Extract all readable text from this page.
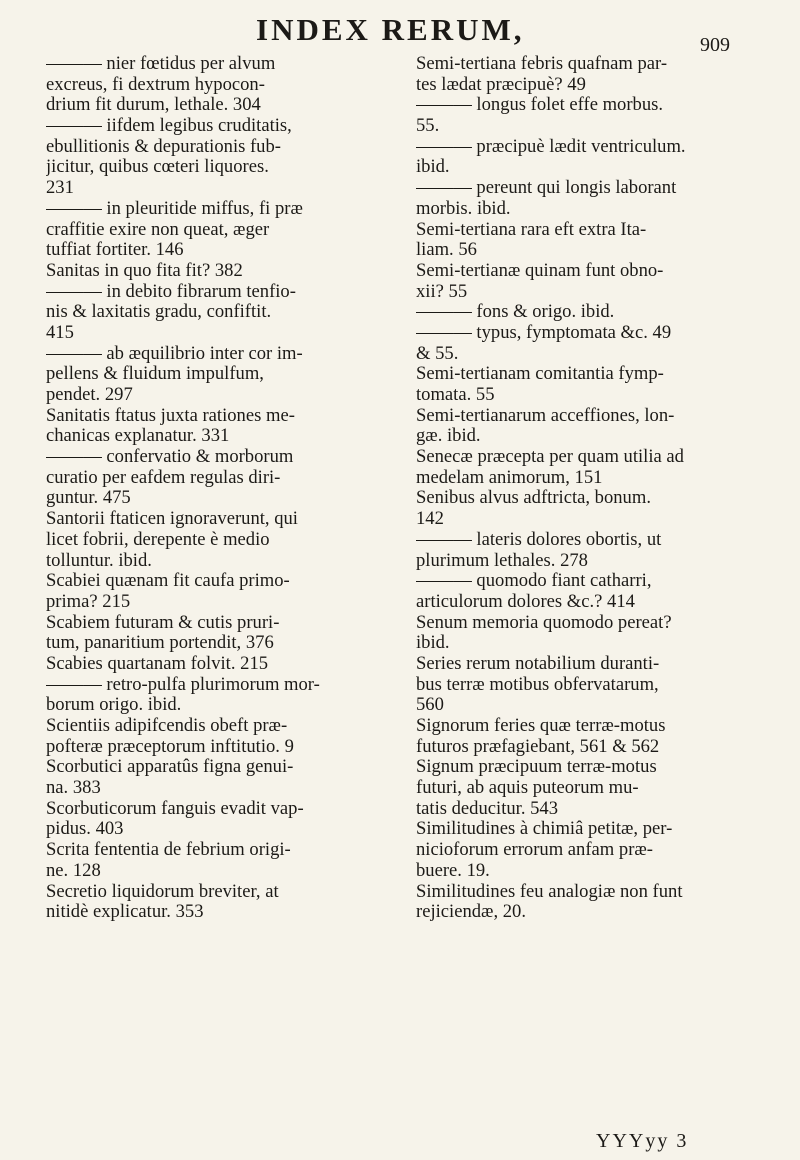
INDEX RERUM,	909
——— nier fœtidus per alvum
excreus, fi dextrum hypocon-
drium fit durum, lethale. 304
——— iifdem legibus cruditatis,
ebullitionis & depurationis fub-
jicitur, quibus cœteri liquores.
231
——— in pleuritide miffus, fi præ
craffitie exire non queat, æger
tuffiat fortiter. 146
Sanitas in quo fita fit? 382
——— in debito fibrarum tenfio-
nis & laxitatis gradu, confiftit.
415
——— ab æquilibrio inter cor im-
pellens & fluidum impulfum,
pendet. 297
Sanitatis ftatus juxta rationes me-
chanicas explanatur. 331
——— confervatio & morborum
curatio per eafdem regulas diri-
guntur. 475
Santorii ftaticen ignoraverunt, qui
licet fobrii, derepente è medio
tolluntur. ibid.
Scabiei quænam fit caufa primo-
prima? 215
Scabiem futuram & cutis pruri-
tum, panaritium portendit, 376
Scabies quartanam folvit. 215
——— retro-pulfa plurimorum mor-
borum origo. ibid.
Scientiis adipifcendis obeft præ-
pofteræ præceptorum inftitutio. 9
Scorbutici apparatûs figna genui-
na. 383
Scorbuticorum fanguis evadit vap-
pidus. 403
Scrita fententia de febrium origi-
ne. 128
Secretio liquidorum breviter, at
nitidè explicatur. 353
Semi-tertiana febris quafnam par-
tes lædat præcipuè? 49
——— longus folet effe morbus.
55.
——— præcipuè lædit ventriculum.
ibid.
——— pereunt qui longis laborant
morbis. ibid.
Semi-tertiana rara eft extra Ita-
liam. 56
Semi-tertianæ quinam funt obno-
xii? 55
——— fons & origo. ibid.
——— typus, fymptomata &c. 49
& 55.
Semi-tertianam comitantia fymp-
tomata. 55
Semi-tertianarum acceffiones, lon-
gæ. ibid.
Senecæ præcepta per quam utilia ad
medelam animorum, 151
Senibus alvus adftricta, bonum.
142
——— lateris dolores obortis, ut
plurimum lethales. 278
——— quomodo fiant catharri,
articulorum dolores &c.? 414
Senum memoria quomodo pereat?
ibid.
Series rerum notabilium duranti-
bus terræ motibus obfervatarum,
560
Signorum feries quæ terræ-motus
futuros præfagiebant, 561 & 562
Signum præcipuum terræ-motus
futuri, ab aquis puteorum mu-
tatis deducitur. 543
Similitudines à chimiâ petitæ, per-
nicioforum errorum anfam præ-
buere. 19.
Similitudines feu analogiæ non funt
rejiciendæ, 20.
YYYyy 3
